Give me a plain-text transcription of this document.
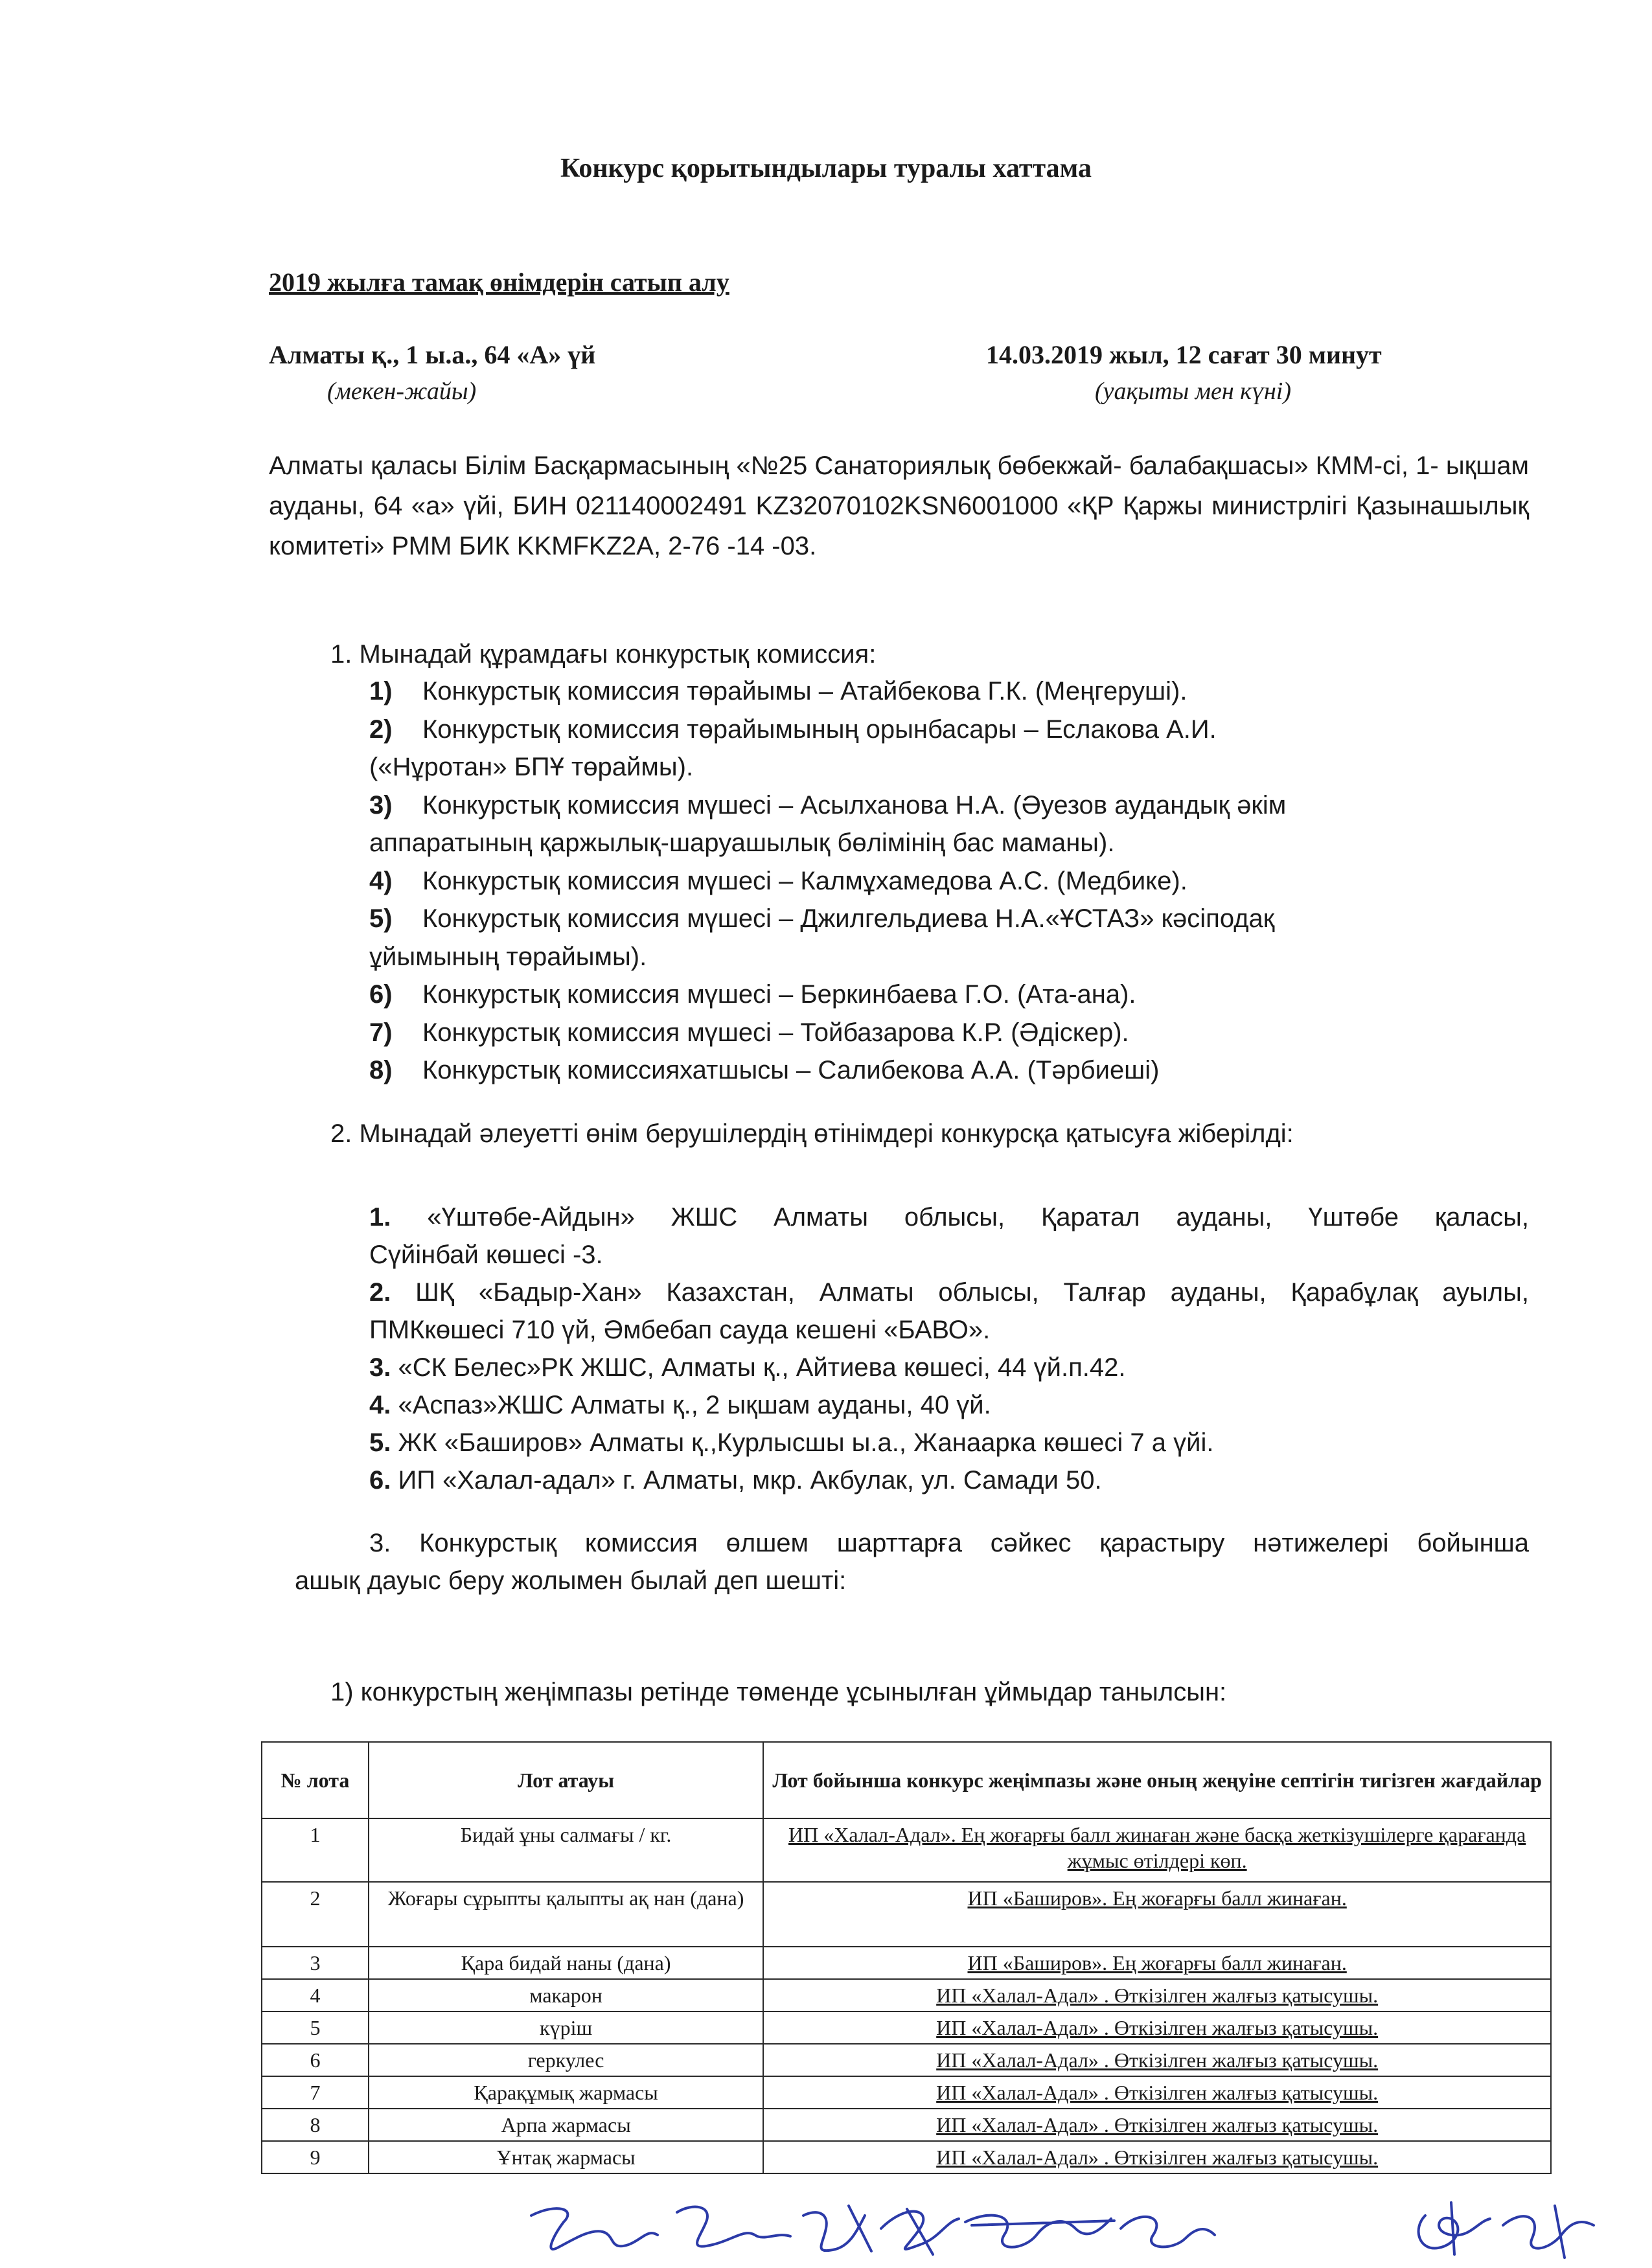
Конкурс қорытындылары туралы хаттама
2019 жылға тамақ өнімдерін сатып алу
Алматы қ., 1 ы.а., 64 «А» үй
(мекен-жайы)
14.03.2019 жыл, 12 сағат 30 минут
(уақыты мен күні)
Алматы қаласы Білім Басқармасының «№25 Санаториялық бөбекжай- балабақшасы» КММ-сі, 1- ықшам ауданы, 64 «а» үйі, БИН 021140002491 KZ32070102KSN6001000 «ҚР Қаржы министрлігі Қазынашылық комитеті» РММ БИК KKMFKZ2A, 2-76 -14 -03.
1. Мынадай құрамдағы конкурстық комиссия:
1) Конкурстық комиссия төрайымы – Атайбекова Г.К. (Меңгеруші).
2) Конкурстық комиссия төрайымының орынбасары – Еслакова А.И.
(«Нұротан» БПҰ төраймы).
3) Конкурстық комиссия мүшесі – Асылханова Н.А. (Әуезов аудандық әкім
аппаратының қаржылық-шаруашылық бөлімінің бас маманы).
4) Конкурстық комиссия мүшесі – Калмұхамедова А.С. (Медбике).
5) Конкурстық комиссия мүшесі – Джилгельдиева Н.А.«ҰСТАЗ» кәсіподақ
ұйымының төрайымы).
6) Конкурстық комиссия мүшесі – Беркинбаева Г.О. (Ата-ана).
7) Конкурстық комиссия мүшесі – Тойбазарова К.Р. (Әдіскер).
8) Конкурстық комиссияхатшысы – Салибекова А.А. (Тәрбиеші)
2. Мынадай әлеуетті өнім берушілердің өтінімдері конкурсқа қатысуға жіберілді:
1. «Үштөбе-Айдын» ЖШС Алматы облысы, Қаратал ауданы, Үштөбе қаласы,
Сүйінбай көшесі -3.
2. ШҚ «Бадыр-Хан» Казахстан, Алматы облысы, Талғар ауданы, Қарабұлақ ауылы,
ПМКкөшесі 710 үй, Әмбебап сауда кешені «БАВО».
3. «СК Белес»РК ЖШС, Алматы қ., Айтиева көшесі, 44 үй.п.42.
4. «Аспаз»ЖШС Алматы қ., 2 ықшам ауданы, 40 үй.
5. ЖК «Баширов» Алматы қ.,Курлысшы ы.а., Жанаарка көшесі 7 а үйі.
6. ИП «Халал-адал» г. Алматы, мкр. Акбулак, ул. Самади 50.
3. Конкурстық комиссия өлшем шарттарға сәйкес қарастыру нәтижелері бойынша
ашық дауыс беру жолымен былай деп шешті:
1) конкурстың жеңімпазы ретінде төменде ұсынылған ұймыдар танылсын:
№ лота	Лот атауы	Лот бойынша конкурс жеңімпазы және оның жеңуіне септігін тигізген жағдайлар
1	Бидай ұны салмағы / кг.	ИП «Халал-Адал». Ең жоғарғы балл жинаған және басқа жеткізушілерге қарағанда жұмыс өтілдері көп.
2	Жоғары сұрыпты қалыпты ақ нан (дана)	ИП «Баширов». Ең жоғарғы балл жинаған.
3	Қара бидай наны (дана)	ИП «Баширов». Ең жоғарғы балл жинаған.
4	макарон	ИП «Халал-Адал» . Өткізілген жалғыз қатысушы.
5	күріш	ИП «Халал-Адал» . Өткізілген жалғыз қатысушы.
6	геркулес	ИП «Халал-Адал» . Өткізілген жалғыз қатысушы.
7	Қарақұмық жармасы	ИП «Халал-Адал» . Өткізілген жалғыз қатысушы.
8	Арпа жармасы	ИП «Халал-Адал» . Өткізілген жалғыз қатысушы.
9	Ұнтақ жармасы	ИП «Халал-Адал» . Өткізілген жалғыз қатысушы.
